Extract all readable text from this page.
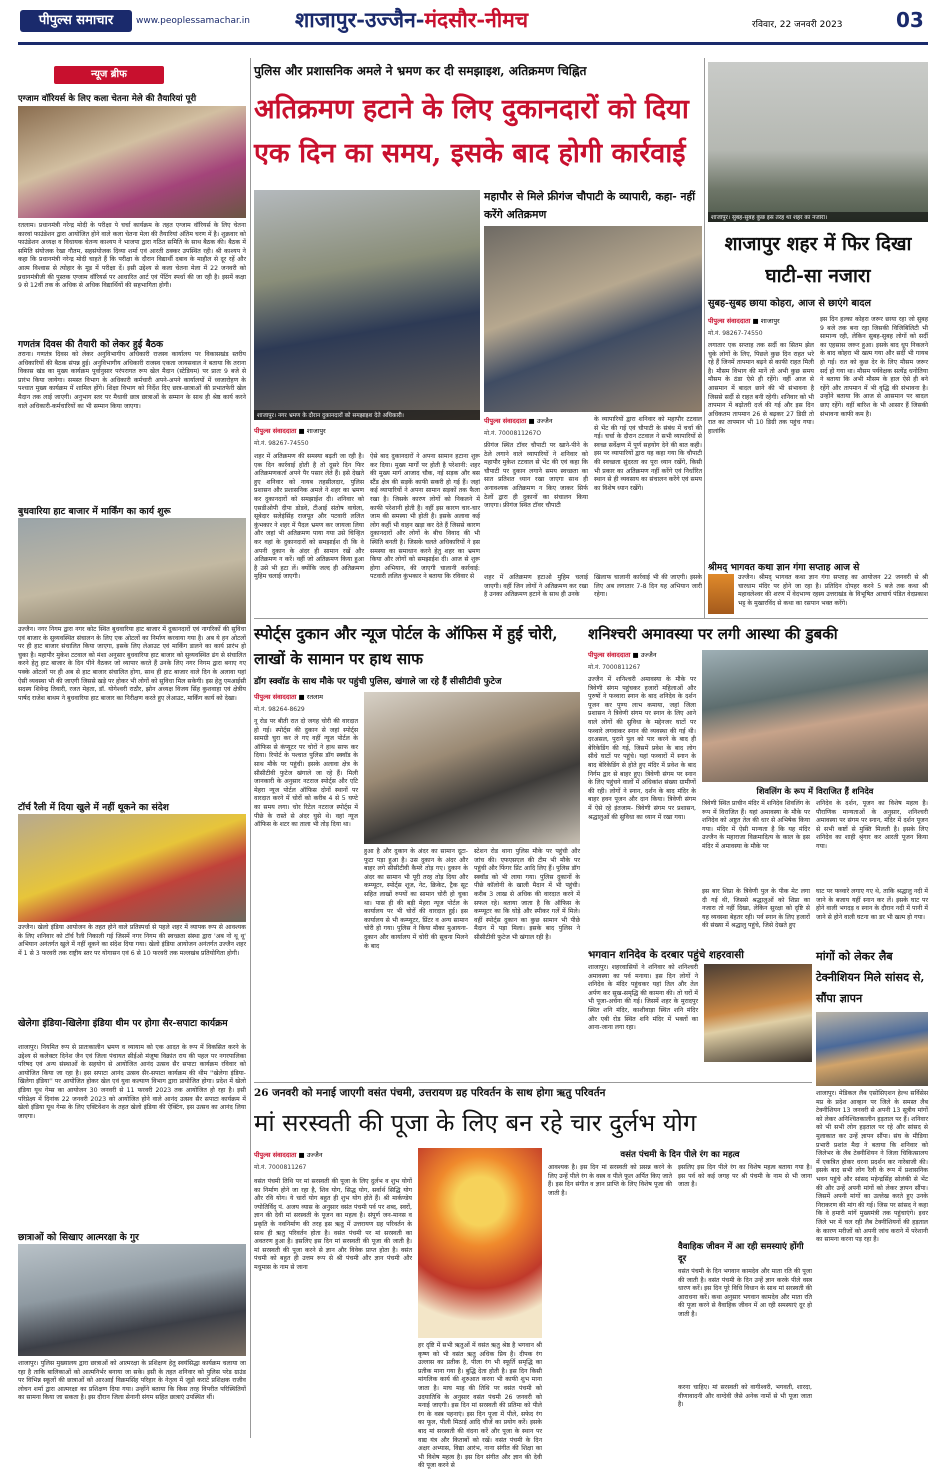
पीपुल्स समाचार	www.peoplessamachar.in शाजापुर-उज्जैन-मंदसौर-नीमच	रविवार, 22 जनवरी 2023	03
न्यूज ब्रीफ
एग्जाम वॉरियर्स के लिए कला चेतना मेले की तैयारियां पूरी
रतलाम। प्रधानमंत्री नरेन्द्र मोदी के परीक्षा पे चर्चा कार्यक्रम के तहत एग्जाम वॉरियर्स के लिए चेतना कारवां फाउंडेशन द्वारा आयोजित होने वाले कला चेतना मेला की तैयारियां अंतिम चरण में है। शुक्रवार को फाउंडेशन अध्यक्ष व विधायक चेतन्य काश्यप ने भाजपा द्वारा गठित समिति के साथ बैठक की। बैठक में समिति संयोजक रेखा गौतम, सहसंयोजक दिव्या शर्मा एवं आरती ठक्कर उपस्थित रही। श्री काश्यप ने कहा कि प्रधानमंत्री नरेन्द्र मोदी चाहते हैं कि परीक्षा के दौरान विद्यार्थी दबाव के माहौल से दूर रहें और आत्म विश्वास से त्योहार के मूड में परीक्षा दें। इसी उद्देश्य से कला चेतना मेला में 22 जनवरी को प्रधानमंत्रीजी की पुस्तक एग्जाम वॉरियर्स पर आधारित आर्ट एवं पेंटिंग स्पर्धा की जा रही है। इसमें कक्षा 9 से 12वीं तक के अधिक से अधिक विद्यार्थियों की सहभागिता होगी।
गणतंत्र दिवस की तैयारी को लेकर हुई बैठक
तराना। गणतंत्र दिवस को लेकर अनुविभागीय अधिकारी राजस्व कार्यालय पर विकासखंड स्तरीय अधिकारियों की बैठक संपन्न हुई। अनुविभागीय अधिकारी राजस्व एकता जायसवाल ने बताया कि तराना विकास खंड का मुख्य कार्यक्रम पूर्वानुसार परंपरागत रूप खेल मैदान (स्टेडियम) पर प्रातः 9 बजे से प्रारंभ किया जायेगा। समस्त विभाग के अधिकारी कर्मचारी अपने-अपने कार्यालयों में ध्वजारोहण के पश्चात मुख्य कार्यक्रम में शामिल होंगे। शिक्षा विभाग को निर्देश दिए छात्र-छात्राओं की प्रभातफेरी खेल मैदान तक लाई जाएगी। अनुभाग स्तर पर मैधावी छात्र छात्राओं के सम्मान के साथ ही श्रेष्ठ कार्य करने वाले अधिकारी-कर्मचारियों का भी सम्मान किया जाएगा।
बुधवारिया हाट बाजार में मार्किंग का कार्य शुरू
उज्जैन। नगर निगम द्वारा नगर कोट स्थित बुधवारिया हाट बाजार में दुकानदारों एवं नागरिकों की सुविधा एवं बाजार के सुव्यवस्थित संचालन के लिए एक ओटलों का निर्माण करवाया गया है। अब ये हन ओटलों पर ही हाट बाजार संचालित किया जाएगा, इसके लिए लेआउट एवं मार्किंग डालने का कार्य प्रारंभ हो चुका है। महापौर मुकेश टटवाल को मंशा अनुसार बुधवारिया हाट बाजार को सुव्यवस्थित ढंग से संचालित करने हेतु हाट बाजार के दिन पीने वैठकर जो व्यापार करते हैं उनके लिए नगर निगम द्वारा बनाए गए पक्के ओटलों पर ही अब से हाट बाजार संचालित होगा, साथ ही हाट बाजार वाले दिन के अलावा यहां ऐसी व्यवस्था भी की जाएगी जिससे खड़े पर होकर भी लोगों को सुविधा मिल सकेगी। इस हेतु एमआईसी सदस्य शिवेन्द्र तिवारी, रजत मेहता, डॉ. योगेश्वरी राठौर, झोन अध्यक्ष विजय सिंह कुशवाहा एवं क्षेत्रीय पार्षद राजेश बाथम ने बुधवारिया हाट बाजार का निरीक्षण करते हुए लेआउट, मार्किंग कार्य को देखा।
टॉर्च रैली में दिया खुले में नहीं थूकने का संदेश
उज्जैन। खेलो इंडिया आयोजन के तहत होने वाले प्रतिस्पर्धा से पहले शहर में व्यापक रूप से आवश्यक के लिए शनिवार को टॉर्च रैली निकाली गई जिसमें नगर निगम की स्वच्छता संस्था द्वारा 'अब नो थू थू' अभियान अनंतर्गत खुले में नहीं थूकने का संदेश दिया गया। खेलो इंडिया आयोजन अनंतर्गत उज्जैन शहर में 1 से 3 फरवरी तक राष्ट्रीय स्तर पर योगासन एवं 6 से 10 फरवरी तक मल्लखंब प्रतियोगिता होगी।
खेलेगा इंडिया-खिलेगा इंडिया थीम पर होगा सैर-सपाटा कार्यक्रम
शाजापुर। नियमित रूप से प्रातःकालीन भ्रमण व व्यायाम को एक आदत के रूप में विकसित करने के उद्देश्य से कलेक्टर दिनेश जैन एवं जिला पंचायत सीईओ मंजूषा विक्रांत राय की पहल पर नगरपालिका परिषद एवं अन्य संस्थाओं के सहयोग से आयोजित आनंद उत्सव सैर सपाटा कार्यक्रम रविवार को आयोजित किया जा रहा है। इस सपाटा आनंद उत्सव सैर-सपाटा कार्यक्रम की थीम ''खेलेगा इंडिया-खिलेगा इंडिया'' पर आयोजित होकर खेल एवं युवा कल्याण विभाग द्वारा प्रायोजित होगा। प्रदेश में खेलो इंडिया यूथ गेम्स का आयोजन 30 जनवरी से 11 फरवरी 2023 तक आयोजित हो रहा है। इसी परिप्रेक्ष्य में दिनांक 22 जनवरी 2023 को आयोजित होने वाले आनंद उत्सव सैर सपाटा कार्यक्रम में खेलो इंडिया यूथ गेम्स के लिए एक्टिवेशन के तहत खेलो इंडिया की ऐक्टिंग, इस उत्सव का आनंद लिया जाएगा।
छात्राओं को सिखाए आत्मरक्षा के गुर
शाजापुर। पुलिस मुख्यालय द्वारा छात्राओं को आत्मरक्षा के प्रशिक्षण हेतु स्वयंसिद्धा कार्यक्रम चलाया जा रहा है ताकि बालिकाओं को आत्मनिर्भर बनाया जा सके। इसी के तहत शनिवार को पुलिस परेड ग्राउंड पर विभिन्न स्कूलों की छात्राओं को आरआई विक्रमसिंह परिहार के नेतृत्व में जूडो कराटे प्रशिक्षक राजीव लोचन शर्मा द्वारा आत्मरक्षा का प्रशिक्षण दिया गया। उन्होंने बताया कि किस तरह विपरीत परिस्थितियों का सामना किया जा सकता है। इस दौरान जिला सेनानी संगम सहित छात्राएं उपस्थित थीं।
पुलिस और प्रशासनिक अमले ने भ्रमण कर दी समझाइश, अतिक्रमण चिह्नित
अतिक्रमण हटाने के लिए दुकानदारों को दिया एक दिन का समय, इसके बाद होगी कार्रवाई
शाजापुर। नगर भ्रमण के दौरान दुकानदारों को समझाइश देते अधिकारी।
पीपुल्स संवाददाता ■ शाजापुर
मो.नं. 98267-74550
शहर में अतिक्रमण की समस्या बढ़ती जा रही है। एक दिन कार्रवाई होती है तो दूसरे दिन फिर अतिक्रमणकर्ता अपने पैर पसार लेते हैं। इसे देखते हुए शनिवार को नायब तहसीलदार, पुलिस प्रशासन और प्रशासनिक अमले ने शहर का भ्रमण कर दुकानदारों को समझाईश दी। शनिवार को एसडीओपी दीपा डोडवे, टीआई संतोष वाघेला, सूबेदार सलेइंसिंह राजपूत और पटवारी ललित कुंभकार ने शहर में पैदल भ्रमण कर जायजा लिया और जहां भी अतिक्रमण पाया गया उसे चिन्हित कर वहां के दुकानदारों को समझाईश दी कि वे अपनी दुकान के अंदर ही सामान रखें और अतिक्रमण न करें। वहीं जो अतिक्रमण किया हुआ है उसे भी हटा लें। क्योंकि जल्द ही अतिक्रमण मुहिम चलाई जाएगी।
ऐसे बाद दुकानदारों ने अपना सामान हटाना शुरू कर दिया। मुख्य मार्गों पर होती है परेशानी: शहर की मुख्य मार्ग आजाद चौक, नई सड़क और बस स्टैंड क्षेत्र की सड़कें काफी सकरी हो गई हैं। जहां कई व्यापारियों ने अपना सामान सड़कों तक फैला रखा है। जिसके कारण लोगों को निकलने में काफी परेशानी होती है। वहीं इस कारण चार-चार जाम की समस्या भी होती है। इसके अलावा कई लोग कहीं भी वाहन खड़ा कर देते हैं जिससे कारण दुकानदारों और लोगों के बीच विवाद की भी स्थिति बनती है। जिसके चलते अधिकारियों ने इस समस्या का समाधान करने हेतु शहर का भ्रमण किया और लोगों को समझाईश दी। आज से शुरू होगा अभियान, की जाएगी चालानी कार्रवाई: पटवारी ललित कुंभकार ने बताया कि रविवार से
महापौर से मिले फ्रीगंज चौपाटी के व्यापारी, कहा- नहीं करेंगे अतिक्रमण
पीपुल्स संवाददाता ■ उज्जैन
मो.नं. 7000811267O
फ्रीगंज स्थित टॉवर चौपाटी पर खाने-पीने के ठेले लगाने वाले व्यापारियों ने शनिवार को महापौर मुकेश टटवाल से भेंट की एवं कहा कि चौपाटी पर दुकान लगाने समय स्वच्छता का सात प्रतिशत ध्यान रखा जाएगा साथ ही अनावश्यक अतिक्रमण न किए जाकर सिर्फ ठेलों द्वारा ही दुकानों का संचालन किया जाएगा। फ्रीगंज स्थित टॉवर चौपाटी
के व्यापारियों द्वारा शनिवार को महापौर टटवाल से भेंट की गई एवं चौपाटी के संबंध में चर्चा की गई। चर्चा के दौरान टटवाल ने सभी व्यापारियों से स्वच्छ सर्वेक्षण में पूर्ण सहयोग देने की बात कही। इस पर व्यापारियों द्वारा यह कहा गया कि चौपाटी की स्वच्छता सुंदरता का पूरा ध्यान रखेंगे, किसी भी प्रकार का अतिक्रमण नहीं करेंगे एवं निर्धारित स्थान से ही व्यवसाय का संचालन करेंगे एवं समय का विशेष ध्यान रखेंगे।
शहर में अतिक्रमण हटाओ मुहिम चलाई जाएगी। वहीं जिन लोगों ने अतिक्रमण कर रखा है उनका अतिक्रमण हटाने के साथ ही उनके
खिलाफ चालानी कार्रवाई भी की जाएगी। इसके लिए अब लगातार 7-8 दिन यह अभियान जारी रहेगा।
शाजापुर। सुबह-सुबह कुछ इस तरह था शहर का नजारा।
शाजापुर शहर में फिर दिखा घाटी-सा नजारा
सुबह-सुबह छाया कोहरा, आज से छाएंगे बादल
पीपुल्स संवाददाता ■ शाजापुर
मो.नं. 98267-74550
लगातार एक सप्ताह तक सर्दी का सितम झेल चुके लोगों के लिए, पिछले कुछ दिन राहत भरे रहे हैं जिनमें तापमान बढ़ने से काफी राहत मिली है। मौसम विभाग की मानें तो अभी कुछ समय मौसम के ठंडा ऐसे ही रहेंगे। वहीं आज से आसमान में बादल छाने की भी संभावना है जिससे सर्दी से राहत बनी रहेगी। शनिवार को भी तापमान में बढ़ोतरी दर्ज की गई और इस दिन अधिकतम तापमान 26 से बढ़कर 27 डिग्री तो रात का तापमान भी 10 डिग्री तक पहुंच गया। हालांकि
इस दिन हल्का कोहरा जरूर छाया रहा जो सुबह 9 बजे तक बना रहा जिसकी विजिबिलिटी भी सामान्य रही, लेकिन सुबह-सुबह लोगों को सर्दी का एहसास जरूर हुआ। इसके बाद धूप निकलने के बाद कोहरा भी खत्म गया और सर्दी भी गायब हो गई। रात को कुछ देर के लिए मौसम जरूर सर्द हो गया था। मौसम पर्यवेक्षक सत्येंद्र धनोतिया ने बताया कि अभी मौसम के हाल ऐसे ही बने रहेंगे और तापमान में भी वृद्धि की संभावना है। उन्होंने बताया कि आज से आसमान पर बादल छाए रहेंगे। वहीं बारिश के भी आसार हैं जिसकी संभावना काफी कम है।
श्रीमद् भागवत कथा ज्ञान गंगा सप्ताह आज से
उज्जैन। श्रीमद् भागवत कथा ज्ञान गंगा सप्ताह का आयोजन 22 जनवरी से श्री चारधाम मंदिर पर होने जा रहा है। प्रतिदिन दोपहर करने 5 बजे तक कथा श्री महावलेश्वर की शरण में वेदभाग्य रहस्य उत्तराखंड के विभूषित आचार्य पंडित वेदप्रकाश भट्ट के मुखारविंद से कथा का रसपान भक्त करेंगे।
स्पोर्ट्स दुकान और न्यूज पोर्टल के ऑफिस में हुई चोरी, लाखों के सामान पर हाथ साफ
डॉग स्क्वॉड के साथ मौके पर पहुंची पुलिस, खंगाले जा रहे हैं सीसीटीवी फुटेज
पीपुल्स संवाददाता ■ रतलाम
मो.नं. 98264-8629
नू रोड पर बीती रात दो जगह चोरी की वारदात हो गई। स्पोर्ट्स की दुकान से जहां स्पोर्ट्स सामग्री चुरा कर ले गए वहीं न्यूज पोर्टल के ऑफिस से कंप्यूटर पर चोरों ने हाथ साफ कर दिया। रिपोर्ट के पश्चात पुलिस डॉग स्क्वॉड के साथ मौके पर पहुंची। इसके अलावा क्षेत्र के सीसीटीवी फुटेज खंगाले जा रहे हैं। मिली जानकारी के अनुसार नटराज स्पोर्ट्स और एटि मेहरा न्यूज पोर्टल ऑफिस दोनों स्थानों पर वारदात करने में चोरों को करीब 4 से 5 घण्टे का समय लगा। चोर रिटेल नटराज स्पोर्ट्स में पीछे के रास्ते से अंदर घुसे थे। वहां न्यूज ऑफिस के शटर का ताला भी तोड़ दिया था।
हुआ है और दुकान के अंदर का सामान दूटा-फूटा पड़ा हुआ है। उस दुकान के अंदर और बाहर लगे सीसीटीवी कैमरे तोड़ गए। दुकान के अंदर का सामान भी पूरी तरह तोड़ दिया और कम्प्यूटर, स्पोर्ट्स शूज, नेट, क्रिकेट, ट्रैक सूट सहित लाखों रुपयों का सामान चोरी हो चुका था। पास ही की बड़ी मेहरा न्यूज पोर्टल के कार्यालय पर भी चोरों की वारदात हुई। इस कार्यालय से भी कम्प्यूटर, प्रिंटर व अन्य सामान चोरी हो गया। पुलिस ने किया मौका मुआयना- दुकान और कार्यालय में चोरी की सूचना मिलने के बाद
स्टेशन रोड थाना पुलिस मौके पर पहुंची और जांच की। एफएसएल की टीम भी मौके पर पहुंची और फिंगर प्रिंट आदि लिए हैं। पुलिस डॉग स्क्वॉड को भी लाया गया। पुलिस दुकानों के पीछे कॉलोनी के खाली मैदान में भी पहुंची। करीब 3 लाख से अधिक की वारदात करने में सफल रहे। बताया जाता है कि ऑफिस के कम्प्यूटर का कि घोड़े और स्पीकर गलें में मिले। वहीं स्पोर्ट्स दुकान का कुछ सामान भी पीछे मैदान में पड़ा मिला। इसके बाद पुलिस ने सीसीटीवी फुटेज भी खंगाल रही है।
शनिश्चरी अमावस्या पर लगी आस्था की डुबकी
पीपुल्स संवाददाता ■ उज्जैन
मो.नं. 7000811267
उज्जैन में शनिश्चरी अमावस्या के मौके पर त्रिवेणी संगम पहुंचकर हजारों महिलाओं और पुरुषों ने फव्वारा स्नान के बाद शनिदेव के दर्शन पूजन कर पुण्य लाभ कमाया, जहां जिला प्रशासन ने त्रिवेणी संगम पर स्नान के लिए आने वाले लोगों की सुविधा के मद्देनजर घाटों पर फव्वारे लगवाकर स्नान की व्यवस्था की गई थी। दरअसल, पुराने पुल को पार करने के बाद ही बेरिकेडिंग की गई, जिसमें प्रवेश के बाद लोग सीधे घाटों पर पहुंचे। यहां फव्वारों में स्नान के बाद बेरिकेडिंग से होते हुए मंदिर में प्रवेश के बाद निर्गम द्वार से बाहर हुए। त्रिवेणी संगम पर स्नान के लिए पहुंचने वालों में अधिकांश संख्या ग्रामीणों की रही। लोगों ने स्नान, दर्शन के बाद मंदिर के बाहर हवन पूजन और दान किया। त्रिवेणी संगम में ऐसे रहे इंतजाम- त्रिवेणी संगम पर प्रशासन, श्रद्धालुओं की सुविधा का ध्यान में रखा गया।
शिवलिंग के रूप में विराजित हैं शनिदेव
त्रिवेणी स्थित प्राचीन मंदिर में शनिदेव शिवलिंग के रूप में विराजित हैं। यहां अमावस्या के मौके पर शनिदेव को अष्टुत तेल की धार से अभिषेक किया गया। मंदिर में ऐसी मान्यता है कि यह मंदिर उज्जैन के महाराजा विक्रमादित्य के काल के इस मंदिर में अमावस्या के मौके पर
शनिदेव के दर्शन, पूजन का विशेष महत्व है। पौराणिक मान्यताओं के अनुसार, शनिश्चरी अमावस्या पर संगम पर स्नान, मंदिर में दर्शन पूजन से सभी कष्टों से मुक्ति मिलती है। इसके लिए शनिदेव का शाही श्रृंगार कर आरती पूजन किया गया।
इस बार शिप्रा के त्रिवेणी पुल के पीक मेट लगा दी गई थी, जिससे श्रद्धालुओं को शिप्रा का नजारा तो नहीं दिखा, लेकिन सुरक्षा को दृष्टि से यह व्यवस्था बेहतर रही। पर्व स्नान के लिए हजारों की संख्या में श्रद्धालु पहुंचे, जिसे देखते हुए
घाट पर फव्वारे लगाए गए थे, ताकि श्रद्धालु नदी में जाने के बजाय यहीं स्नान कर लें। इसके घाट पर होने वाली भगदड़ व स्नान के दौरान नदी में पानी में जाने से होने वाली घटना का डर भी खत्म हो गया।
भगवान शनिदेव के दरबार पहुंचे शहरवासी
शाजापुर। शहरवासियों ने शनिवार को शनिश्चरी अमावस्या का पर्व मनाया। इस दिन लोगों ने शनिदेव के मंदिर पहुंचकर यहां तिल और तेल अर्पण कर सुख-समृद्धि की कामना की। तो घरों में भी पूजा-अर्चना की गई। जिसमें शहर के मुरादपुर स्थित शनि मंदिर, काशीवाड़ा स्थित शनि मंदिर और एबी रोड स्थित शनि मंदिर में भक्तों का आना-जाना लगा रहा।
मांगों को लेकर लैब टेक्नीशियन मिले सांसद से, सौंपा ज्ञापन
शाजापुर। मेडिकल लैब एसोसिएशन हेल्थ सर्विसेस मप्र के प्रदेश आव्हान पर जिले के समस्त लैब टेक्नीशियन 13 जनवरी से अपनी 13 सूत्रीय मांगों को लेकर अनिश्चितकालीन हड़ताल पर हैं। शनिवार को भी सभी लोग हड़ताल पर रहे और सांसद से मुलाकात कर उन्हें ज्ञापन सौंपा। संघ के मीडिया प्रभारी प्रशांत मैदा ने बताया कि शनिवार को जिलेभर के लैब टेक्नीशियन ने जिला चिकित्सालय में एकत्रित होकर धरना प्रदर्शन कर नारेबाजी की। इसके बाद सभी लोग रैली के रूप में प्रशासनिक भवन पहुंचे और सांसद महेन्द्रसिंह सोलंकी से भेंट की और उन्हें अपनी मांगों को लेकर ज्ञापन सौंपा। जिसमें अपनी मांगों का उल्लेख करते हुए उनके निराकरण की मांग की गई। जिस पर सांसद ने कहा कि वे हमारी मांगें मुख्यमंत्री तक पहुंचाएंगे। इधर जिले भर में चल रही लैब टेक्नीशियनों की हड़ताल के कारण मरीजों को अपनी जांच कराने में परेशानी का सामना करना पड़ रहा है।
26 जनवरी को मनाई जाएगी वसंत पंचमी, उत्तरायण ग्रह परिवर्तन के साथ होगा ऋतु परिवर्तन
मां सरस्वती की पूजा के लिए बन रहे चार दुर्लभ योग
पीपुल्स संवाददाता ■ उज्जैन
मो.नं. 7000811267
वसंत पंचमी तिथि पर मां सरस्वती की पूजा के लिए दुर्लभ व शुभ योगों का निर्माण होने जा रहा है, शिव योग, सिद्ध योग, सर्वार्थ सिद्धि योग और रवि योग। ये चारों योग बहुत ही शुभ योग होते हैं। श्री मार्कण्डेय ज्योतिर्विद् पं. अजय व्यास के अनुसार वसंत पंचमी पर्व पर शब्द, स्वरों, ज्ञान की देवी मां सरस्वती के पूजन का महत्व है। संपूर्ण जन-मानस व प्रकृति के नवनिर्माण की तरह इस ऋतु में उत्तरायण ग्रह परिवर्तन के साथ ही ऋतु परिवर्तन होता है। वसंत पंचमी पर मां सरस्वती का अवतरण हुआ है। इसलिए इस दिन मां सरस्वती की पूजा की जाती है। मां सरस्वती की पूजा करने से ज्ञान और विवेक प्राप्त होता है। वसंत पंचमी को बहुत ही उत्तम रूप से श्री पंचमी और ज्ञान पंचमी और मधुमास के नाम से जाना
हर दृष्टि में सभी ऋतुओं में वसंत ऋतु श्रेष्ठ है भगवान श्री कृष्ण को भी वसंत ऋतु अधिक प्रिय है। दीपक रंग उल्लास का प्रतीक है, पीला रंग भी स्फूर्ति समृद्धि का प्रतीक माना गया है। बुद्धि देता होती है। इस दिन किसी मांगलिक कार्य की शुरुआत करना भी काफी शुभ माना जाता है। माघ माह की तिथि पर वसंत पंचमी को उदयातिथि के अनुसार वसंत पंचमी 26 जनवरी को मनाई जाएगी। इस दिन मां सरस्वती की प्रतिमा को पीले रंग के वस्त्र पहनाएं। इस दिन पूजा में पीले, सफेद रंग का फूल, पीली मिठाई आदि चीजें का प्रयोग करें। इसके बाद मां सरस्वती की वंदना करें और पूजा के स्थान पर वाद्य यंत्र और किताबों को रखें। वसंत पंचमी के दिन अक्षर अभ्यास, विद्या आरंभ, नाना संगीत की शिक्षा का भी विशेष महत्व है। इस दिन संगीत और ज्ञान की देवी की पूजा करने से
वसंत पंचमी के दिन पीले रंग का महत्व
आवश्यक है। इस दिन मां सरस्वती को प्रसन्न करने के लिए उन्हें पीले रंग के वस्त्र व पीले फूल अर्पित किए जाते हैं। इस दिन संगीत व ज्ञान प्राप्ति के लिए विशेष पूजा की जाती है।
इसलिए इस दिन पीले रंग का विशेष महत्व बताया गया है। इस पर्व को कई जगह पर श्री पंचमी के नाम से भी जाना जाता है।
वैवाहिक जीवन में आ रही समस्याएं होंगी दूर
वसंत पंचमी के दिन भगवान कामदेव और माता रति की पूजा की जाती है। वसंत पंचमी के दिन उन्हें ज्ञान करके पीले वस्त्र धारण करें। इस दिन पूरे विधि विधान के साथ मां सरस्वती की आराधना करें। कथा अनुसार भगवान कामदेव और माता रति की पूजा करने से वैवाहिक जीवन में आ रही समस्याएं दूर हो जाती है।
करना चाहिए। मां सरस्वती को वागीश्वरी, भगवती, शारदा, वीणावादनी और वाग्देवी जैसे अनेक नामों से भी पूजा जाता है।
